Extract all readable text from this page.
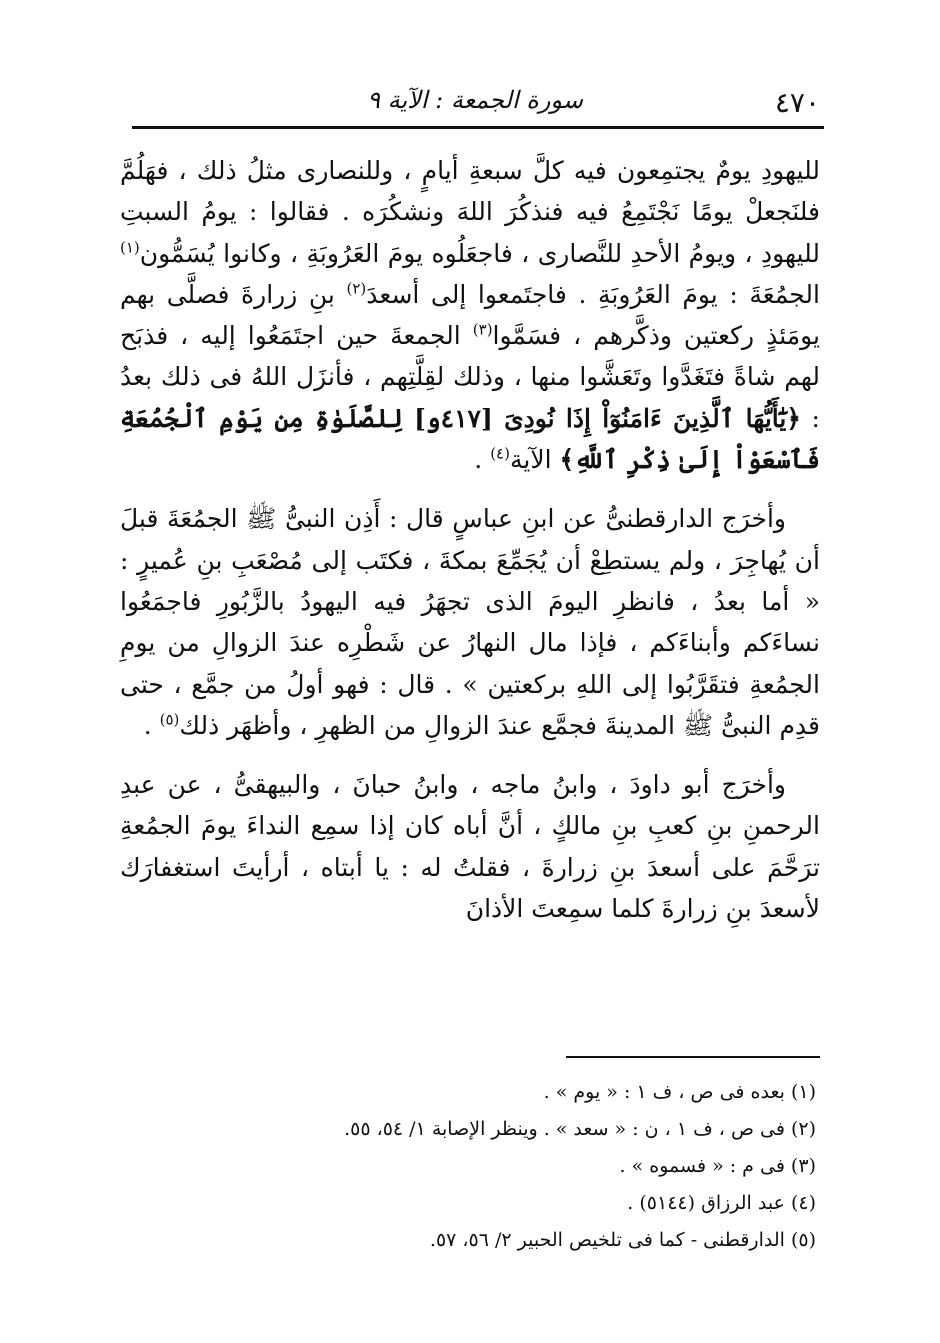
٤٧٠
سورة الجمعة : الآية ٩

لليهودِ يومٌ يجتمِعون فيه كلَّ سبعةِ أيامٍ ، وللنصارى مثلُ ذلك ، فهَلُمَّ فلنَجعلْ يومًا نَجْتَمِعُ فيه فنذكُرَ اللهَ ونشكُرَه . فقالوا : يومُ السبتِ لليهودِ ، ويومُ الأحدِ للنَّصارى ، فاجعَلُوه يومَ العَرُوبَةِ ، وكانوا يُسَمُّون$^{(١)}$ الجمُعَةَ : يومَ العَرُوبَةِ . فاجتَمعوا إلى أسعدَ$^{(٢)}$ بنِ زرارةَ فصلَّى بهم يومَئذٍ ركعتين وذكَّرهم ، فسَمَّوا$^{(٣)}$ الجمعةَ حين اجتَمَعُوا إليه ، فذبَح لهم شاةً فتَغَدَّوا وتَعَشَّوا منها ، وذلك لقِلَّتِهم ، فأنزَل اللهُ فى ذلك بعدُ : ﴿يَٰٓأَيُّهَا ٱلَّذِينَ ءَامَنُوٓاْ إِذَا نُودِىَ [٤١٧و] لِلصَّلَوٰةِ مِن يَوْمِ ٱلْجُمُعَةِ فَٱسْعَوْاْ إِلَىٰ ذِكْرِ ٱللَّهِ﴾ الآية$^{(٤)}$ .

وأخرَج الدارقطنىُّ عن ابنِ عباسٍ قال : أَذِن النبىُّ ﷺ الجمُعَةَ قبلَ أن يُهاجِرَ ، ولم يستطِعْ أن يُجَمِّعَ بمكةَ ، فكتَب إلى مُصْعَبِ بنِ عُميرٍ : « أما بعدُ ، فانظرِ اليومَ الذى تجهَرُ فيه اليهودُ بالزَّبُورِ فاجمَعُوا نساءَكم وأبناءَكم ، فإذا مال النهارُ عن شَطْرِه عندَ الزوالِ من يومِ الجمُعةِ فتقَرَّبُوا إلى اللهِ بركعتين » . قال : فهو أولُ من جمَّع ، حتى قدِم النبىُّ ﷺ المدينةَ فجمَّع عندَ الزوالِ من الظهرِ ، وأظهَر ذلك$^{(٥)}$ .

وأخرَج أبو داودَ ، وابنُ ماجه ، وابنُ حبانَ ، والبيهقىُّ ، عن عبدِ الرحمنِ بنِ كعبِ بنِ مالكٍ ، أنَّ أباه كان إذا سمِع النداءَ يومَ الجمُعةِ ترَحَّمَ على أسعدَ بنِ زرارةَ ، فقلتُ له : يا أبتاه ، أرأيتَ استغفارَك لأسعدَ بنِ زرارةَ كلما سمِعتَ الأذانَ

(١) بعده فى ص ، ف ١ : « يوم » .
(٢) فى ص ، ف ١ ، ن : « سعد » . وينظر الإصابة ١/ ٥٤، ٥٥.
(٣) فى م : « فسموه » .
(٤) عبد الرزاق (٥١٤٤) .
(٥) الدارقطنى - كما فى تلخيص الحبير ٢/ ٥٦، ٥٧.
